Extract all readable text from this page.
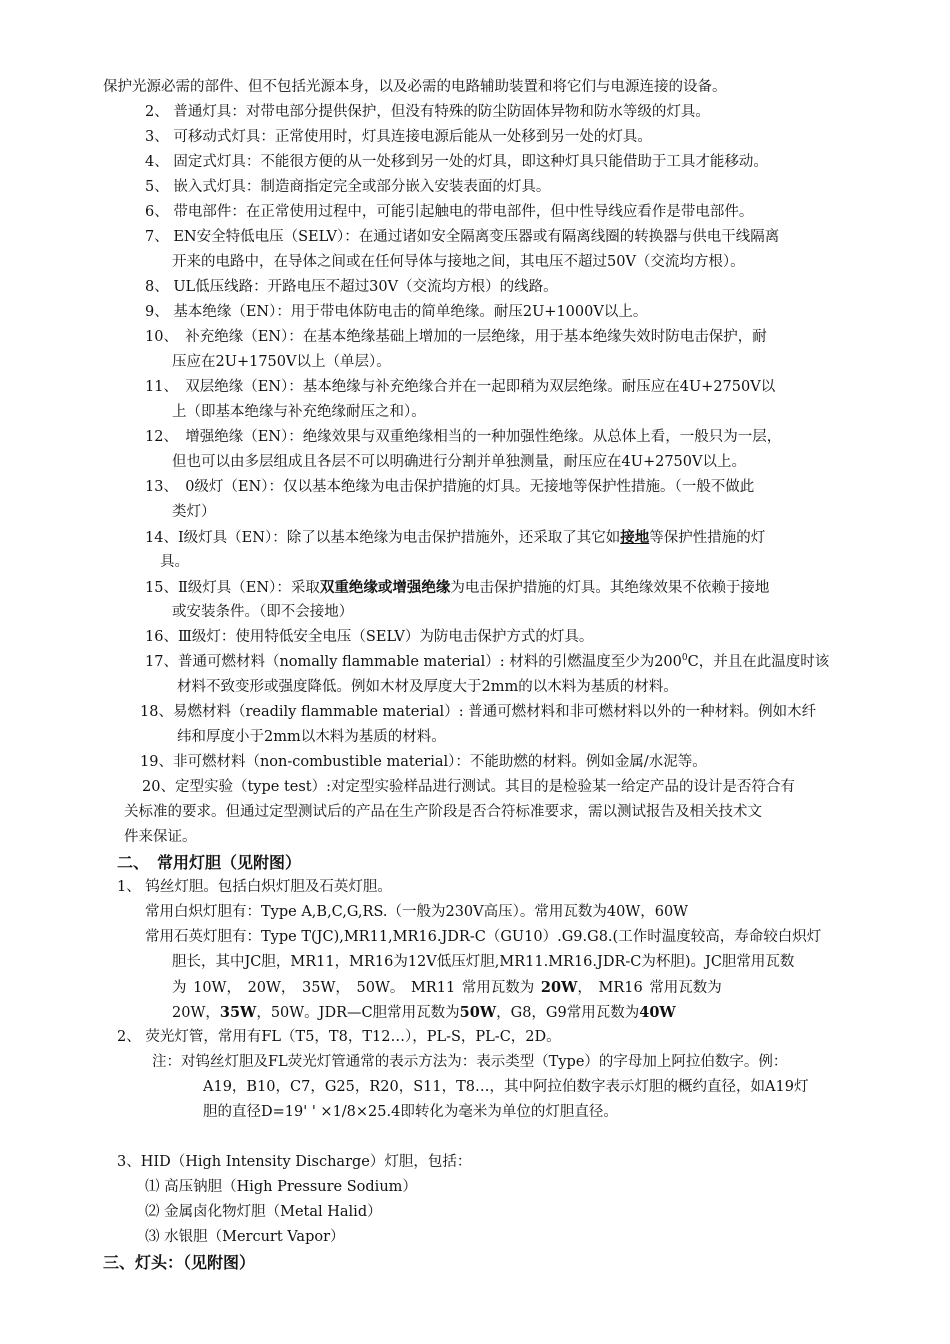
保护光源必需的部件、但不包括光源本身，以及必需的电路辅助装置和将它们与电源连接的设备。

2、 普通灯具：对带电部分提供保护，但没有特殊的防尘防固体异物和防水等级的灯具。

3、 可移动式灯具：正常使用时，灯具连接电源后能从一处移到另一处的灯具。

4、 固定式灯具：不能很方便的从一处移到另一处的灯具，即这种灯具只能借助于工具才能移动。

5、 嵌入式灯具：制造商指定完全或部分嵌入安装表面的灯具。

6、 带电部件：在正常使用过程中，可能引起触电的带电部件，但中性导线应看作是带电部件。

7、 EN安全特低电压（SELV）：在通过诸如安全隔离变压器或有隔离线圈的转换器与供电干线隔离

开来的电路中，在导体之间或在任何导体与接地之间，其电压不超过50V（交流均方根）。

8、 UL低压线路：开路电压不超过30V（交流均方根）的线路。

9、 基本绝缘（EN）：用于带电体防电击的简单绝缘。耐压2U+1000V以上。

10、　补充绝缘（EN）：在基本绝缘基础上增加的一层绝缘，用于基本绝缘失效时防电击保护，耐

压应在2U+1750V以上（单层）。

11、　双层绝缘（EN）：基本绝缘与补充绝缘合并在一起即稍为双层绝缘。耐压应在4U+2750V以

上（即基本绝缘与补充绝缘耐压之和）。

12、　增强绝缘（EN）：绝缘效果与双重绝缘相当的一种加强性绝缘。从总体上看，一般只为一层，

但也可以由多层组成且各层不可以明确进行分割并单独测量，耐压应在4U+2750V以上。

13、　0级灯（EN）：仅以基本绝缘为电击保护措施的灯具。无接地等保护性措施。（一般不做此

类灯）

14、Ⅰ级灯具（EN）：除了以基本绝缘为电击保护措施外，还采取了其它如接地等保护性措施的灯

具。

15、Ⅱ级灯具（EN）：采取双重绝缘或增强绝缘为电击保护措施的灯具。其绝缘效果不依赖于接地

或安装条件。（即不会接地）

16、Ⅲ级灯：使用特低安全电压（SELV）为防电击保护方式的灯具。

17、普通可燃材料（nomally flammable material）: 材料的引燃温度至少为$200^0C$，并且在此温度时该

材料不致变形或强度降低。例如木材及厚度大于2mm的以木料为基质的材料。

18、易燃材料（readily flammable material）: 普通可燃材料和非可燃材料以外的一种材料。例如木纤

纬和厚度小于2mm以木料为基质的材料。

19、非可燃材料（non-combustible material）：不能助燃的材料。例如金属/水泥等。

20、定型实验（type test）:对定型实验样品进行测试。其目的是检验某一给定产品的设计是否符合有

关标准的要求。但通过定型测试后的产品在生产阶段是否合符标准要求，需以测试报告及相关技术文

件来保证。

二、　常用灯胆（见附图）

1、 钨丝灯胆。包括白炽灯胆及石英灯胆。

常用白炽灯胆有：Type A,B,C,G,RS.（一般为230V高压）。常用瓦数为40W，60W

常用石英灯胆有：Type T(JC),MR11,MR16.JDR-C（GU10）.G9.G8.(工作时温度较高，寿命较白炽灯

胆长，其中JC胆，MR11，MR16为12V低压灯胆,MR11.MR16.JDR-C为杯胆)。JC胆常用瓦数

为 10W， 20W， 35W， 50W。 MR11 常用瓦数为 20W， MR16 常用瓦数为

20W，35W，50W。JDR—C胆常用瓦数为50W，G8，G9常用瓦数为40W

2、 荧光灯管，常用有FL（T5，T8，T12…），PL-S，PL-C，2D。

注：对钨丝灯胆及FL荧光灯管通常的表示方法为：表示类型（Type）的字母加上阿拉伯数字。例：

A19，B10，C7，G25，R20，S11，T8…，其中阿拉伯数字表示灯胆的概约直径，如A19灯

胆的直径D=19' ' ×1/8×25.4即转化为毫米为单位的灯胆直径。

3、HID（High Intensity Discharge）灯胆，包括：

⑴ 高压钠胆（High Pressure Sodium）

⑵ 金属卤化物灯胆（Metal Halid）

⑶ 水银胆（Mercurt Vapor）

三、灯头：（见附图）
